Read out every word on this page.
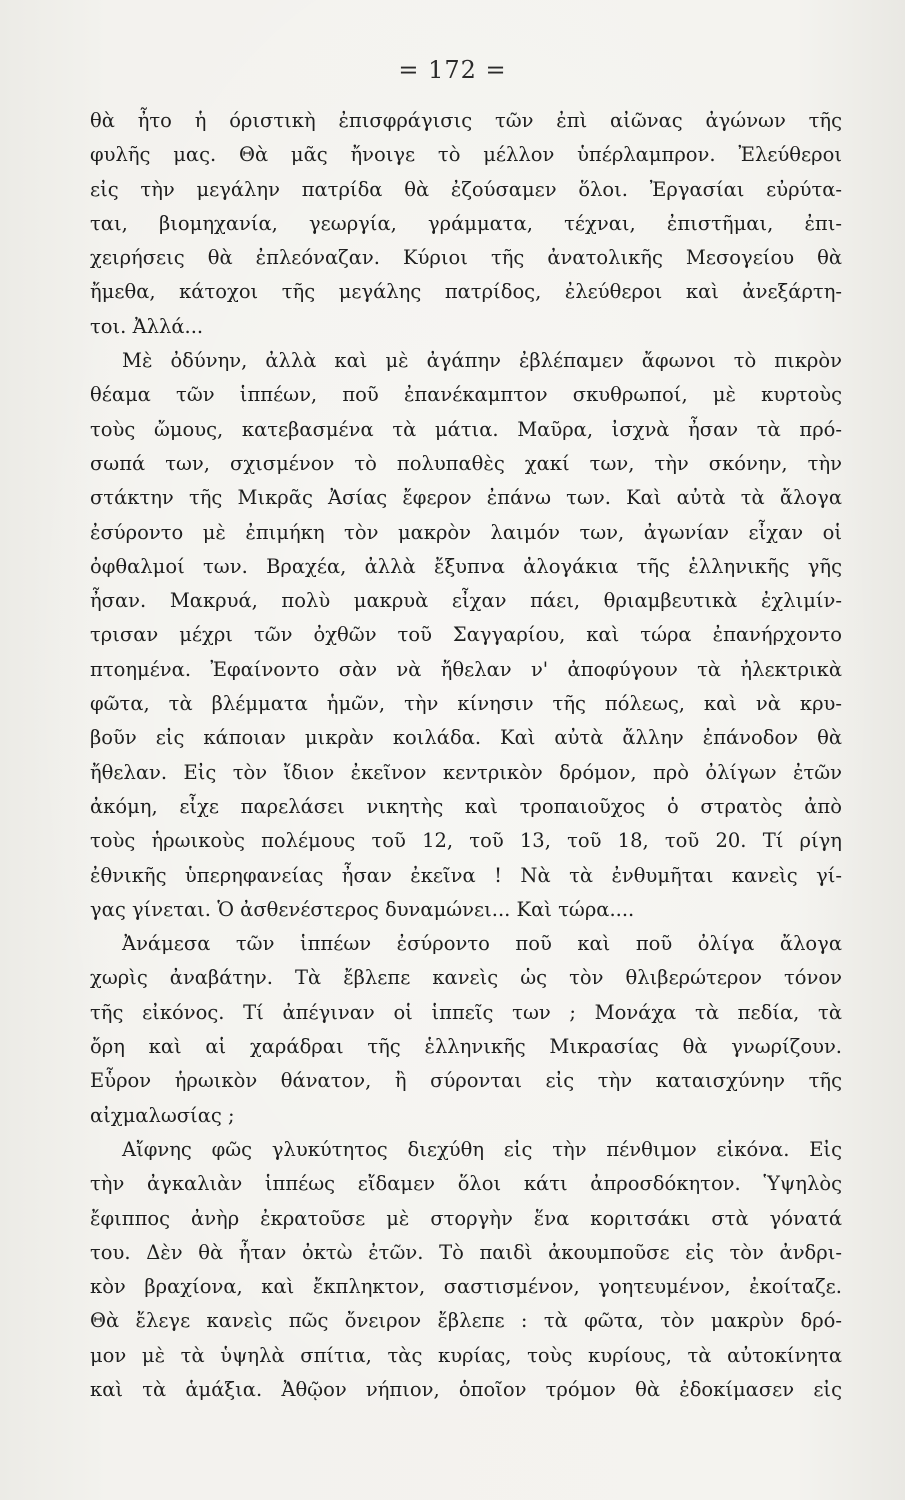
= 172 =
θὰ ἦτο ἡ όριστικὴ ἐπισφράγισις τῶν ἐπὶ αἰῶνας ἀγώνων τῆς
φυλῆς μας. Θὰ μᾶς ἤνοιγε τὸ μέλλον ὑπέρλαμπρον. Ἐλεύθεροι
εἰς τὴν μεγάλην πατρίδα θὰ ἐζούσαμεν ὅλοι. Ἐργασίαι εὐρύτα-
ται, βιομηχανία, γεωργία, γράμματα, τέχναι, ἐπιστῆμαι, ἐπι-
χειρήσεις θὰ ἐπλεόναζαν. Κύριοι τῆς ἀνατολικῆς Μεσογείου θὰ
ἤμεθα, κάτοχοι τῆς μεγάλης πατρίδος, ἐλεύθεροι καὶ ἀνεξάρτη-
τοι. Ἀλλά...
Μὲ ὀδύνην, ἀλλὰ καὶ μὲ ἀγάπην ἐβλέπαμεν ἄφωνοι τὸ πικρὸν
θέαμα τῶν ἱππέων, ποῦ ἐπανέκαμπτον σκυθρωποί, μὲ κυρτοὺς
τοὺς ὤμους, κατεβασμένα τὰ μάτια. Μαῦρα, ἰσχνὰ ἦσαν τὰ πρό-
σωπά των, σχισμένον τὸ πολυπαθὲς χακί των, τὴν σκόνην, τὴν
στάκτην τῆς Μικρᾶς Ἀσίας ἔφερον ἐπάνω των. Καὶ αὐτὰ τὰ ἄλογα
ἐσύροντο μὲ ἐπιμήκη τὸν μακρὸν λαιμόν των, ἀγωνίαν εἶχαν οἱ
ὀφθαλμοί των. Βραχέα, ἀλλὰ ἔξυπνα ἀλογάκια τῆς ἑλληνικῆς γῆς
ἦσαν. Μακρυά, πολὺ μακρυὰ εἶχαν πάει, θριαμβευτικὰ ἐχλιμίν-
τρισαν μέχρι τῶν ὀχθῶν τοῦ Σαγγαρίου, καὶ τώρα ἐπανήρχοντο
πτοημένα. Ἐφαίνοντο σὰν νὰ ἤθελαν ν' ἀποφύγουν τὰ ἠλεκτρικὰ
φῶτα, τὰ βλέμματα ἡμῶν, τὴν κίνησιν τῆς πόλεως, καὶ νὰ κρυ-
βοῦν εἰς κάποιαν μικρὰν κοιλάδα. Καὶ αὐτὰ ἄλλην ἐπάνοδον θὰ
ἤθελαν. Εἰς τὸν ἴδιον ἐκεῖνον κεντρικὸν δρόμον, πρὸ ὀλίγων ἐτῶν
ἀκόμη, εἶχε παρελάσει νικητὴς καὶ τροπαιοῦχος ὁ στρατὸς ἀπὸ
τοὺς ἡρωικοὺς πολέμους τοῦ 12, τοῦ 13, τοῦ 18, τοῦ 20. Τί ρίγη
ἐθνικῆς ὑπερηφανείας ἦσαν ἐκεῖνα ! Νὰ τὰ ἐνθυμῆται κανεὶς γί-
γας γίνεται. Ὁ ἀσθενέστερος δυναμώνει... Καὶ τώρα....
Ἀνάμεσα τῶν ἱππέων ἐσύροντο ποῦ καὶ ποῦ ὀλίγα ἄλογα
χωρὶς ἀναβάτην. Τὰ ἔβλεπε κανεὶς ὡς τὸν θλιβερώτερον τόνον
τῆς εἰκόνος. Τί ἀπέγιναν οἱ ἱππεῖς των ; Μονάχα τὰ πεδία, τὰ
ὄρη καὶ αἱ χαράδραι τῆς ἑλληνικῆς Μικρασίας θὰ γνωρίζουν.
Εὗρον ἡρωικὸν θάνατον, ἢ σύρονται εἰς τὴν καταισχύνην τῆς
αἰχμαλωσίας ;
Αἴφνης φῶς γλυκύτητος διεχύθη εἰς τὴν πένθιμον εἰκόνα. Εἰς
τὴν ἀγκαλιὰν ἱππέως εἴδαμεν ὅλοι κάτι ἀπροσδόκητον. Ὑψηλὸς
ἔφιππος ἀνὴρ ἐκρατοῦσε μὲ στοργὴν ἕνα κοριτσάκι στὰ γόνατά
του. Δὲν θὰ ἦταν ὀκτὼ ἐτῶν. Τὸ παιδὶ ἀκουμποῦσε εἰς τὸν ἀνδρι-
κὸν βραχίονα, καὶ ἔκπληκτον, σαστισμένον, γοητευμένον, ἐκοίταζε.
Θὰ ἔλεγε κανεὶς πῶς ὄνειρον ἔβλεπε : τὰ φῶτα, τὸν μακρὺν δρό-
μον μὲ τὰ ὑψηλὰ σπίτια, τὰς κυρίας, τοὺς κυρίους, τὰ αὐτοκίνητα
καὶ τὰ ἁμάξια. Ἀθῷον νήπιον, ὁποῖον τρόμον θὰ ἐδοκίμασεν εἰς
